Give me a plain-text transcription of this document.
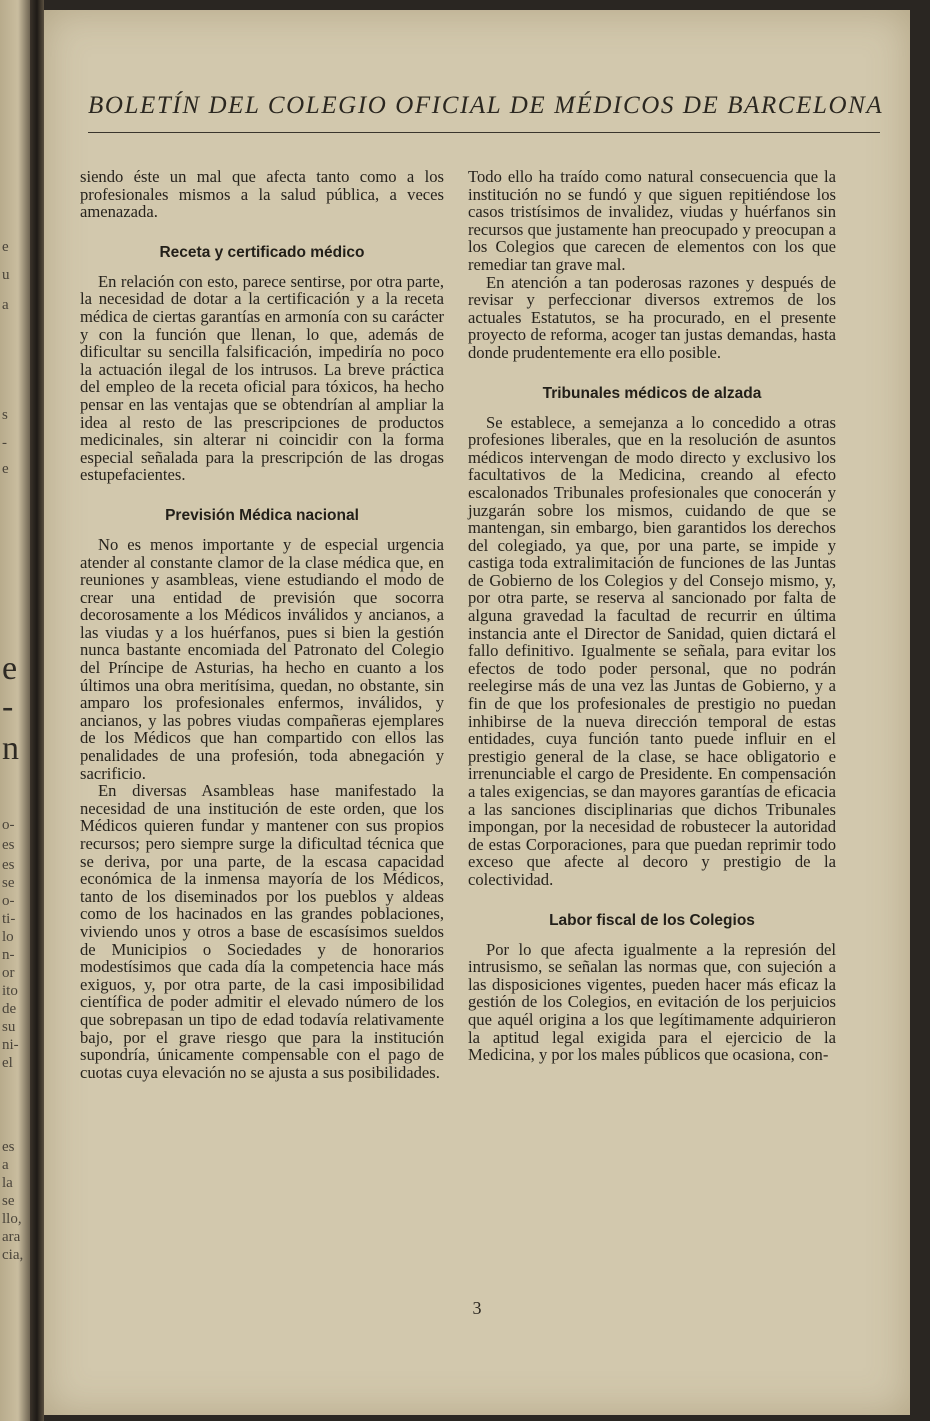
e
u
a
s
-
e
e
-
n
o-
es
es
se
o-
ti-
lo
n-
or
ito
de
su
ni-
el
es
a
la
se
llo,
ara
cia,
BOLETÍN DEL COLEGIO OFICIAL DE MÉDICOS DE BARCELONA

siendo éste un mal que afecta tanto como a los profesionales mismos a la salud pública, a veces amenazada.

Receta y certificado médico

En relación con esto, parece sentirse, por otra parte, la necesidad de dotar a la certificación y a la receta médica de ciertas garantías en armonía con su carácter y con la función que llenan, lo que, además de dificultar su sencilla falsificación, impediría no poco la actuación ilegal de los intrusos. La breve práctica del empleo de la receta oficial para tóxicos, ha hecho pensar en las ventajas que se obtendrían al ampliar la idea al resto de las prescripciones de productos medicinales, sin alterar ni coincidir con la forma especial señalada para la prescripción de las drogas estupefacientes.

Previsión Médica nacional

No es menos importante y de especial urgencia atender al constante clamor de la clase médica que, en reuniones y asambleas, viene estudiando el modo de crear una entidad de previsión que socorra decorosamente a los Médicos inválidos y ancianos, a las viudas y a los huérfanos, pues si bien la gestión nunca bastante encomiada del Patronato del Colegio del Príncipe de Asturias, ha hecho en cuanto a los últimos una obra meritísima, quedan, no obstante, sin amparo los profesionales enfermos, inválidos, y ancianos, y las pobres viudas compañeras ejemplares de los Médicos que han compartido con ellos las penalidades de una profesión, toda abnegación y sacrificio.

En diversas Asambleas hase manifestado la necesidad de una institución de este orden, que los Médicos quieren fundar y mantener con sus propios recursos; pero siempre surge la dificultad técnica que se deriva, por una parte, de la escasa capacidad económica de la inmensa mayoría de los Médicos, tanto de los diseminados por los pueblos y aldeas como de los hacinados en las grandes poblaciones, viviendo unos y otros a base de escasísimos sueldos de Municipios o Sociedades y de honorarios modestísimos que cada día la competencia hace más exiguos, y, por otra parte, de la casi imposibilidad científica de poder admitir el elevado número de los que sobrepasan un tipo de edad todavía relativamente bajo, por el grave riesgo que para la institución supondría, únicamente compensable con el pago de cuotas cuya elevación no se ajusta a sus posibilidades.

Todo ello ha traído como natural consecuencia que la institución no se fundó y que siguen repitiéndose los casos tristísimos de invalidez, viudas y huérfanos sin recursos que justamente han preocupado y preocupan a los Colegios que carecen de elementos con los que remediar tan grave mal.

En atención a tan poderosas razones y después de revisar y perfeccionar diversos extremos de los actuales Estatutos, se ha procurado, en el presente proyecto de reforma, acoger tan justas demandas, hasta donde prudentemente era ello posible.

Tribunales médicos de alzada

Se establece, a semejanza a lo concedido a otras profesiones liberales, que en la resolución de asuntos médicos intervengan de modo directo y exclusivo los facultativos de la Medicina, creando al efecto escalonados Tribunales profesionales que conocerán y juzgarán sobre los mismos, cuidando de que se mantengan, sin embargo, bien garantidos los derechos del colegiado, ya que, por una parte, se impide y castiga toda extralimitación de funciones de las Juntas de Gobierno de los Colegios y del Consejo mismo, y, por otra parte, se reserva al sancionado por falta de alguna gravedad la facultad de recurrir en última instancia ante el Director de Sanidad, quien dictará el fallo definitivo. Igualmente se señala, para evitar los efectos de todo poder personal, que no podrán reelegirse más de una vez las Juntas de Gobierno, y a fin de que los profesionales de prestigio no puedan inhibirse de la nueva dirección temporal de estas entidades, cuya función tanto puede influir en el prestigio general de la clase, se hace obligatorio e irrenunciable el cargo de Presidente. En compensación a tales exigencias, se dan mayores garantías de eficacia a las sanciones disciplinarias que dichos Tribunales impongan, por la necesidad de robustecer la autoridad de estas Corporaciones, para que puedan reprimir todo exceso que afecte al decoro y prestigio de la colectividad.

Labor fiscal de los Colegios

Por lo que afecta igualmente a la represión del intrusismo, se señalan las normas que, con sujeción a las disposiciones vigentes, pueden hacer más eficaz la gestión de los Colegios, en evitación de los perjuicios que aquél origina a los que legítimamente adquirieron la aptitud legal exigida para el ejercicio de la Medicina, y por los males públicos que ocasiona, con-

3
